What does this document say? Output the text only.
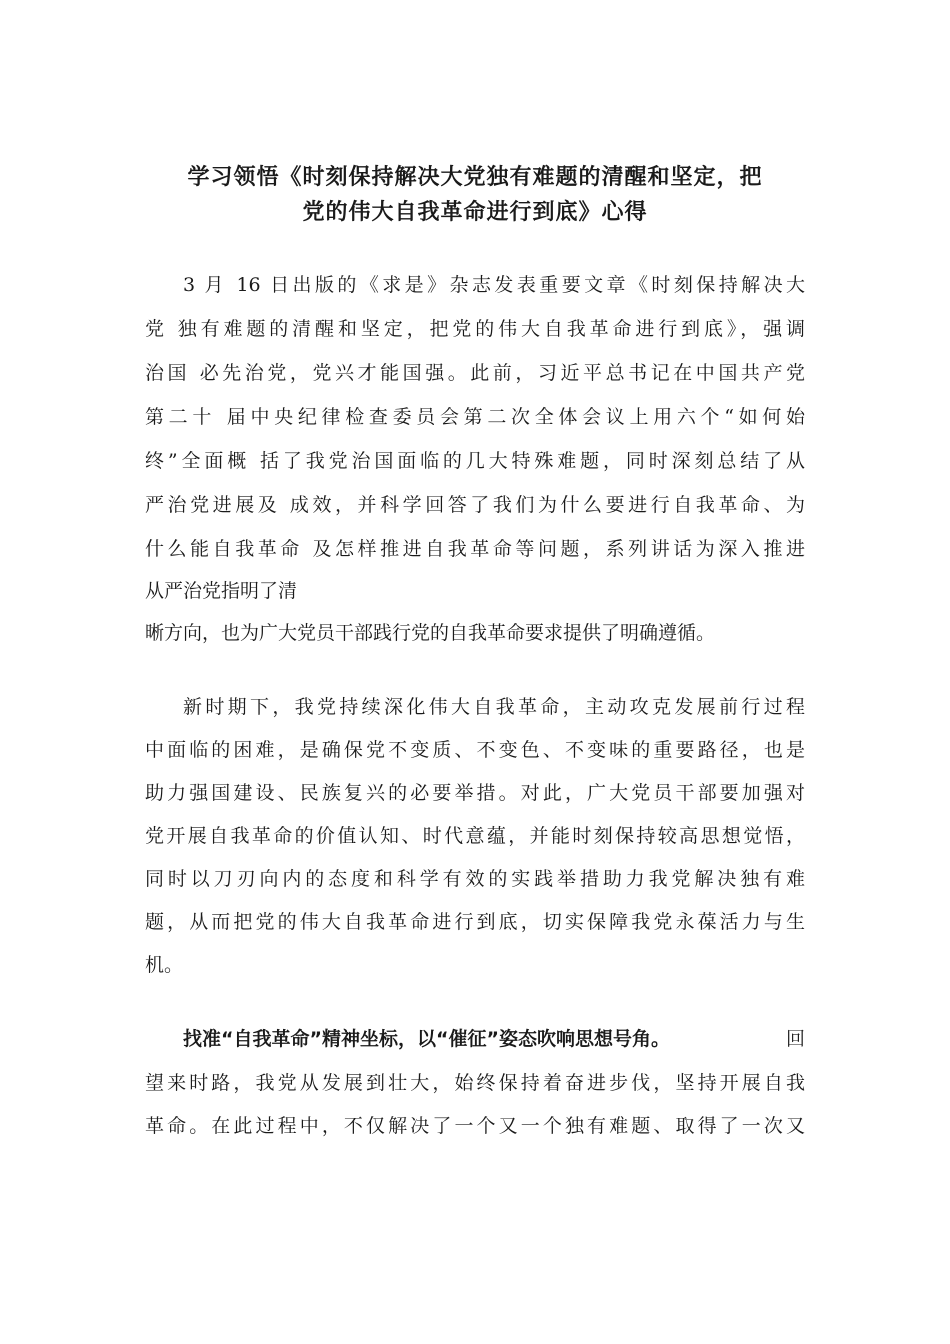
学习领悟《时刻保持解决大党独有难题的清醒和坚定，把
党的伟大自我革命进行到底》心得
3 月 16 日出版的《求是》杂志发表重要文章《时刻保持解决大
党 独有难题的清醒和坚定，把党的伟大自我革命进行到底》，强调
治国 必先治党，党兴才能国强。此前，习近平总书记在中国共产党
第二十 届中央纪律检查委员会第二次全体会议上用六个“如何始
终”全面概 括了我党治国面临的几大特殊难题，同时深刻总结了从
严治党进展及 成效，并科学回答了我们为什么要进行自我革命、为
什么能自我革命 及怎样推进自我革命等问题，系列讲话为深入推进
从严治党指明了清
晰方向，也为广大党员干部践行党的自我革命要求提供了明确遵循。
新时期下，我党持续深化伟大自我革命，主动攻克发展前行过程
中面临的困难，是确保党不变质、不变色、不变味的重要路径，也是
助力强国建设、民族复兴的必要举措。对此，广大党员干部要加强对
党开展自我革命的价值认知、时代意蕴，并能时刻保持较高思想觉悟，
同时以刀刃向内的态度和科学有效的实践举措助力我党解决独有难
题，从而把党的伟大自我革命进行到底，切实保障我党永葆活力与生
机。
找准“自我革命”精神坐标，以“催征”姿态吹响思想号角。	回
望来时路，我党从发展到壮大，始终保持着奋进步伐，坚持开展自我
革命。在此过程中，不仅解决了一个又一个独有难题、取得了一次又
